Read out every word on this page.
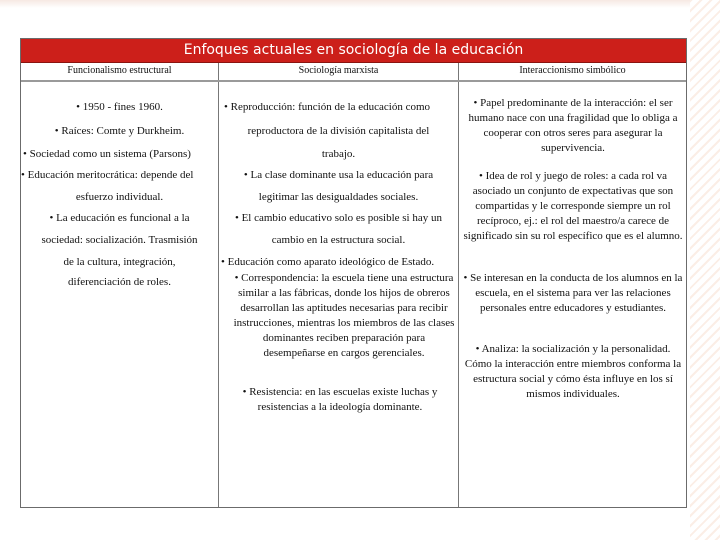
Enfoques actuales en sociología de la educación
Funcionalismo estructural	Sociología marxista	Interaccionismo simbólico
• 1950 - fines 1960.
• Raíces: Comte y Durkheim.
• Sociedad como un sistema (Parsons)
• Educación meritocrática: depende del
esfuerzo individual.
• La educación es funcional a la
sociedad: socialización. Trasmisión
de la cultura, integración,
diferenciación de roles.
• Reproducción: función de la educación como
reproductora de la división capitalista del
trabajo.
• La clase dominante usa la educación para
legitimar las desigualdades sociales.
• El cambio educativo solo es posible si hay un
cambio en la estructura social.
• Educación como aparato ideológico de Estado.
• Correspondencia: la escuela tiene una estructura similar a las fábricas, donde los hijos de obreros desarrollan las aptitudes necesarias para recibir instrucciones, mientras los miembros de las clases dominantes reciben preparación para desempeñarse en cargos gerenciales.
• Resistencia: en las escuelas existe luchas y resistencias a la ideología dominante.
• Papel predominante de la interacción: el ser humano nace con una fragilidad que lo obliga a cooperar con otros seres para asegurar la supervivencia.
• Idea de rol y juego de roles: a cada rol va asociado un conjunto de expectativas que son compartidas y le corresponde siempre un rol recíproco, ej.: el rol del maestro/a carece de significado sin su rol específico que es el alumno.
• Se interesan en la conducta de los alumnos en la escuela, en el sistema para ver las relaciones personales entre educadores y estudiantes.
• Analiza: la socialización y la personalidad. Cómo la interacción entre miembros conforma la estructura social y cómo ésta influye en los sí mismos individuales.
